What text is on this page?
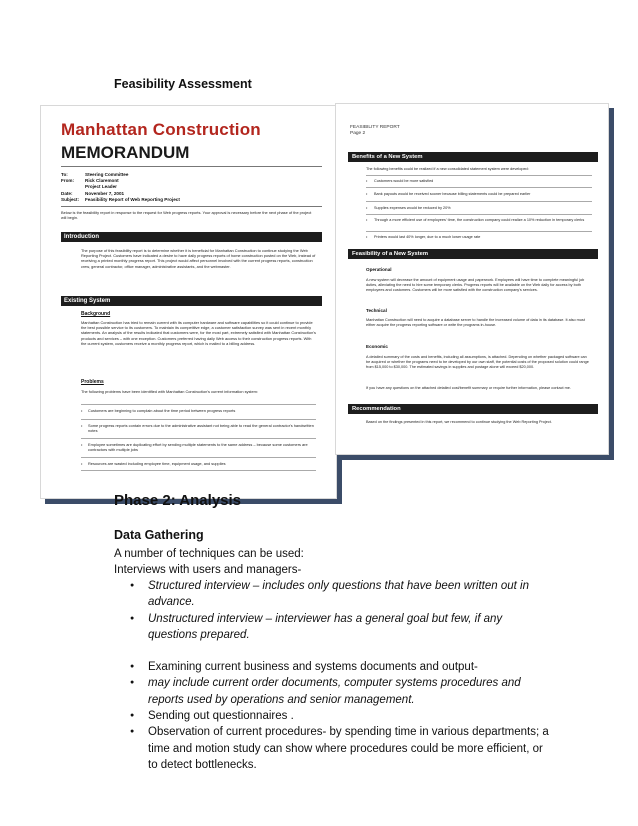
Feasibility Assessment
Manhattan Construction
MEMORANDUM
To:	Steering Committee
From:	Rick Claremont
Project Leader
Date:	November 7, 2001
Subject:	Feasibility Report of Web Reporting Project
Below is the feasibility report in response to the request for Web progress reports. Your approval is necessary before the next phase of the project will begin.
Introduction
The purpose of this feasibility report is to determine whether it is beneficial for Manhattan Construction to continue studying the Web Reporting Project. Customers have indicated a desire to have daily progress reports of home construction posted on the Web, instead of receiving a printed monthly progress report. This project would affect personnel involved with the current progress reports, construction crew, general contractor, office manager, administrative assistants, and the webmaster.
Existing System
Background
Manhattan Construction has tried to remain current with its computer hardware and software capabilities so it could continue to provide the best possible service to its customers. To maintain its competitive edge, a customer satisfaction survey was sent in recent monthly statements. An analysis of the results indicated that customers were, for the most part, extremely satisfied with Manhattan Construction's products and services – with one exception. Customers preferred having daily Web access to their construction progress reports. With the current system, customers receive a monthly progress report, which is mailed to a billing address.
Problems
The following problems have been identified with Manhattan Construction's current information system:
• Customers are beginning to complain about the time period between progress reports
• Some progress reports contain errors due to the administrative assistant not being able to read the general contractor's handwritten notes
• Employee sometimes are duplicating effort by sending multiple statements to the same address – because some customers are contractors with multiple jobs
• Resources are wasted including employee time, equipment usage, and supplies
FEASIBILITY REPORT
Page 2
Benefits of a New System
The following benefits could be realized if a new consolidated statement system were developed:
• Customers would be more satisfied
• Bank payouts would be received sooner because billing statements could be prepared earlier
• Supplies expenses would be reduced by 20%
• Through a more efficient use of employees' time, the construction company could realize a 10% reduction in temporary clerks
• Printers would last 40% longer, due to a much lower usage rate
Feasibility of a New System
Operational
A new system will decrease the amount of equipment usage and paperwork. Employees will have time to complete meaningful job duties, alleviating the need to hire some temporary clerks. Progress reports will be available on the Web daily for access by both employees and customers. Customers will be more satisfied with the construction company's services.
Technical
Manhattan Construction will need to acquire a database server to handle the increased volume of data in its database. It also must either acquire the progress reporting software or write the programs in-house.
Economic
A detailed summary of the costs and benefits, including all assumptions, is attached. Depending on whether packaged software can be acquired or whether the programs need to be developed by our own staff, the potential costs of the proposed solution could range from $15,000 to $30,000. The estimated savings in supplies and postage alone will exceed $20,000.
If you have any questions on the attached detailed cost/benefit summary or require further information, please contact me.
Recommendation
Based on the findings presented in this report, we recommend to continue studying the Web Reporting Project.
Phase 2: Analysis
Data Gathering
A number of techniques can be used:
Interviews with users and managers-
● Structured interview – includes only questions that have been written out in advance.
● Unstructured interview – interviewer has a general goal but few, if any questions prepared.
● Examining current business and systems documents and output-
● may include current order documents, computer systems procedures and reports used by operations and senior management.
● Sending out questionnaires .
● Observation of current procedures- by spending time in various departments; a time and motion study can show where procedures could be more efficient, or to detect bottlenecks.
